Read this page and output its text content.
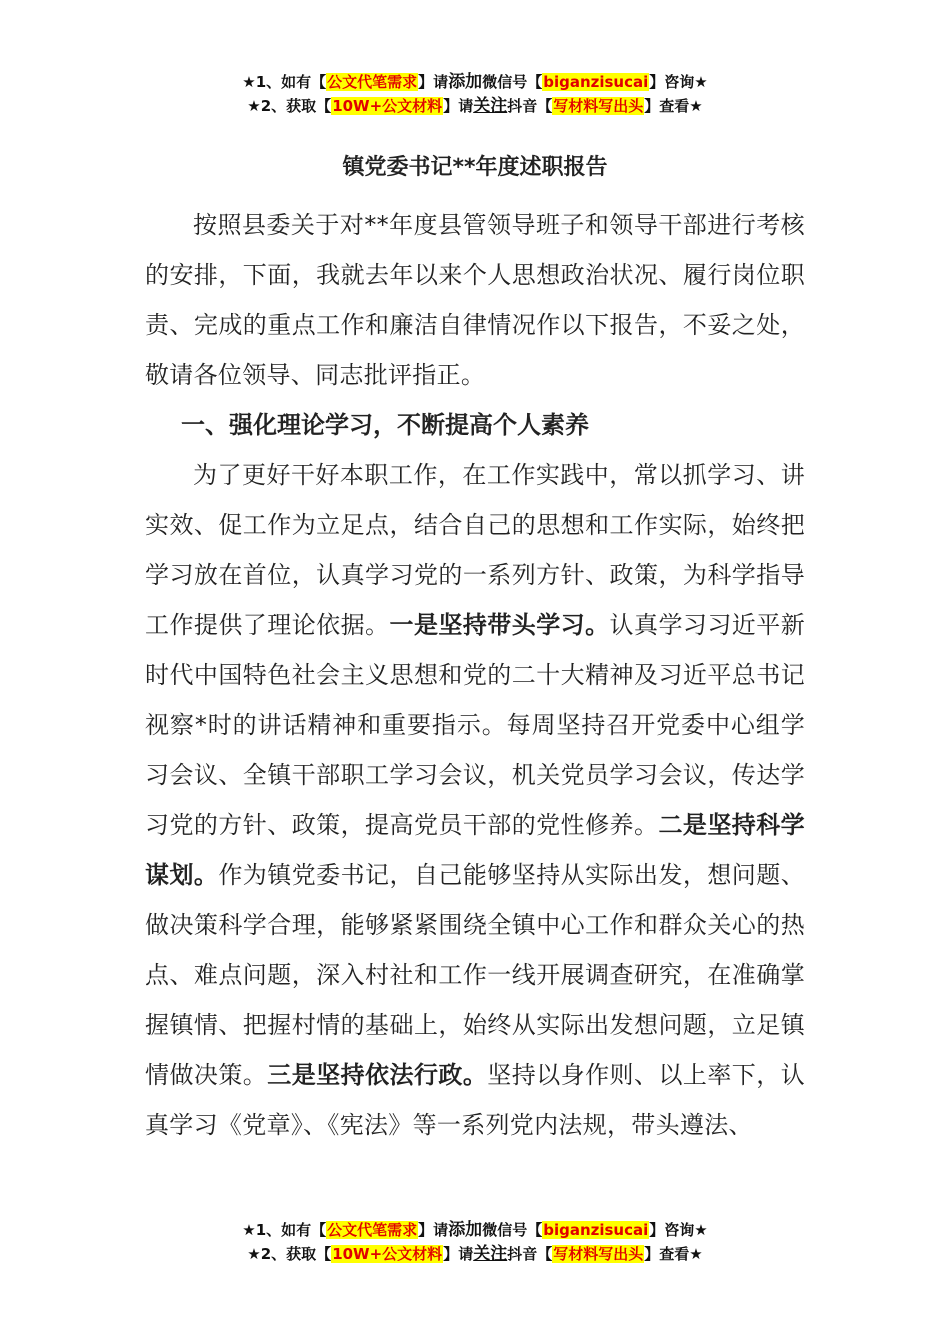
★1、如有【公文代笔需求】请添加微信号【biganzisucai】咨询★
★2、获取【10W+公文材料】请关注抖音【写材料写出头】查看★
镇党委书记**年度述职报告

按照县委关于对**年度县管领导班子和领导干部进行考核的安排，下面，我就去年以来个人思想政治状况、履行岗位职责、完成的重点工作和廉洁自律情况作以下报告，不妥之处，敬请各位领导、同志批评指正。

一、强化理论学习，不断提高个人素养

为了更好干好本职工作，在工作实践中，常以抓学习、讲实效、促工作为立足点，结合自己的思想和工作实际，始终把学习放在首位，认真学习党的一系列方针、政策，为科学指导工作提供了理论依据。一是坚持带头学习。认真学习习近平新时代中国特色社会主义思想和党的二十大精神及习近平总书记视察*时的讲话精神和重要指示。每周坚持召开党委中心组学习会议、全镇干部职工学习会议，机关党员学习会议，传达学习党的方针、政策，提高党员干部的党性修养。二是坚持科学谋划。作为镇党委书记，自己能够坚持从实际出发，想问题、做决策科学合理，能够紧紧围绕全镇中心工作和群众关心的热点、难点问题，深入村社和工作一线开展调查研究，在准确掌握镇情、把握村情的基础上，始终从实际出发想问题，立足镇情做决策。三是坚持依法行政。坚持以身作则、以上率下，认真学习《党章》、《宪法》等一系列党内法规，带头遵法、

★1、如有【公文代笔需求】请添加微信号【biganzisucai】咨询★
★2、获取【10W+公文材料】请关注抖音【写材料写出头】查看★
